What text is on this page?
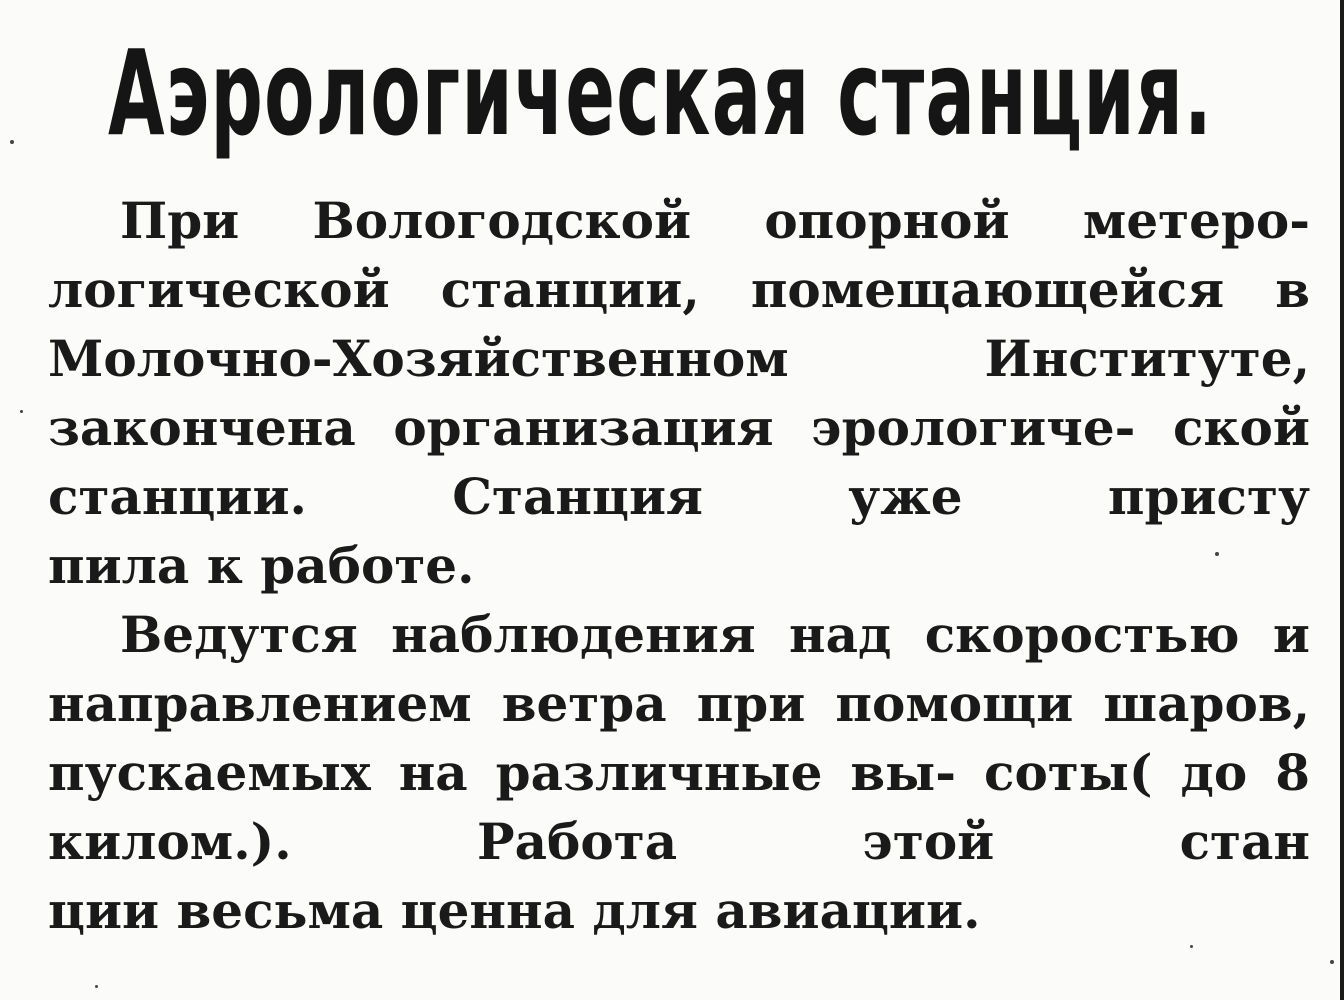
Аэрологическая станция.

При Вологодской опорной метеро- логической станции, помещающейся в Молочно-Хозяйственном Институте, закончена организация эрологиче- ской станции. Станция уже присту

пила к работе.

Ведутся наблюдения над скоростью и направлением ветра при помощи шаров, пускаемых на различные вы- соты( до 8 килом.). Работа этой стан

ции весьма ценна для авиации.
